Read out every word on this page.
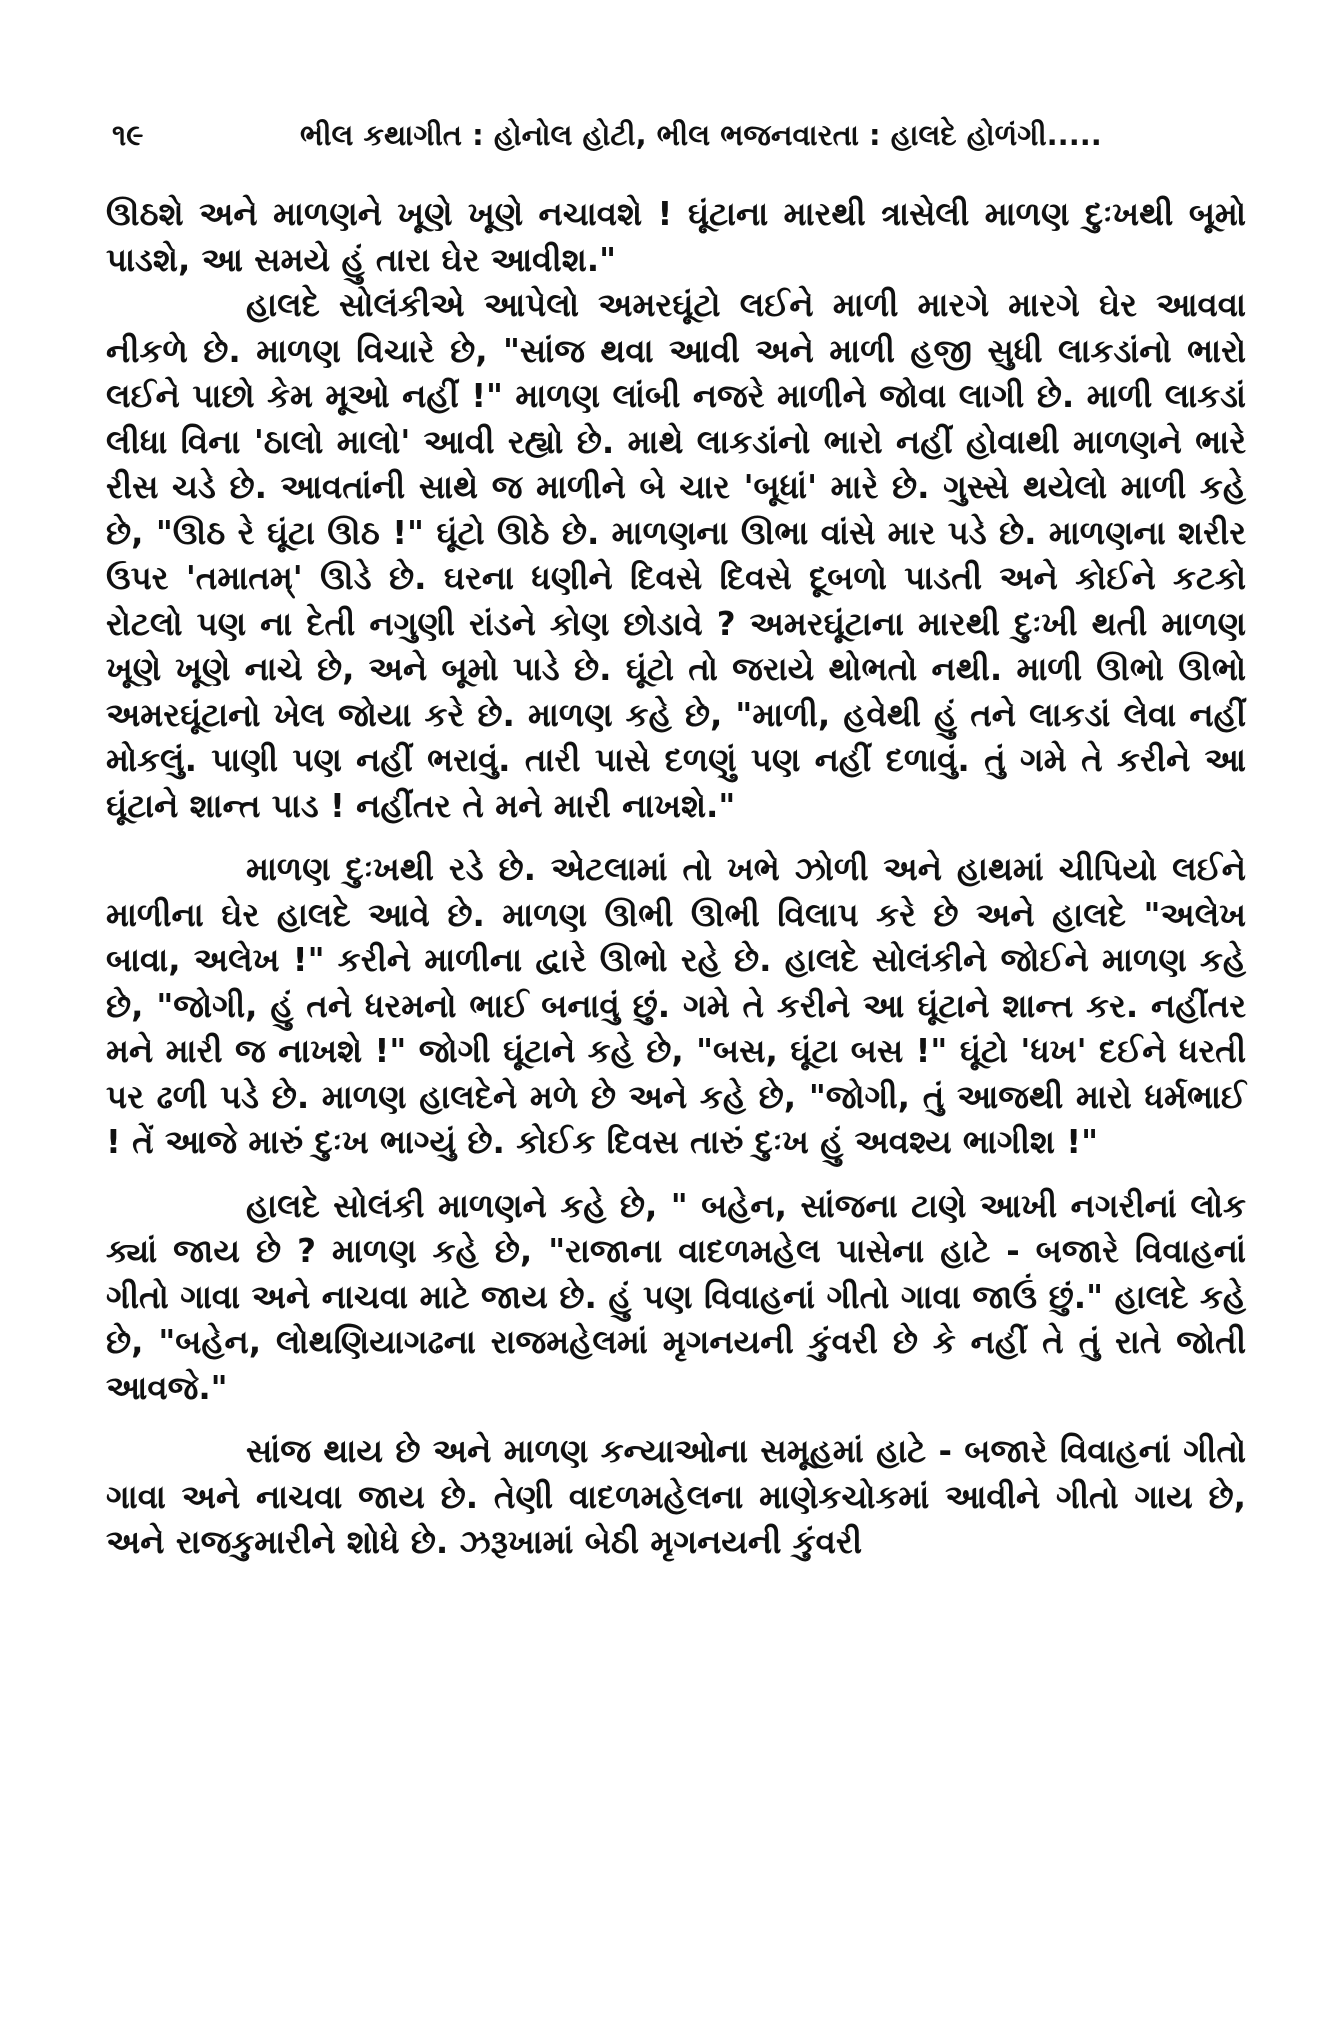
૧૯	ભીલ કથાગીત : હોનોલ હોટી, ભીલ ભજનવારતા : હાલદે હોળંગી.....

ઊઠશે અને માળણને ખૂણે ખૂણે નચાવશે ! ઘૂંટાના મારથી ત્રાસેલી માળણ દુઃખથી બૂમો પાડશે, આ સમયે હું તારા ઘેર આવીશ."

હાલદે સોલંકીએ આપેલો અમરઘૂંટો લઈને માળી મારગે મારગે ઘેર આવવા નીકળે છે. માળણ વિચારે છે, "સાંજ થવા આવી અને માળી હજી સુધી લાકડાંનો ભારો લઈને પાછો કેમ મૂઓ નહીં !" માળણ લાંબી નજરે માળીને જોવા લાગી છે. માળી લાકડાં લીધા વિના 'ઠાલો માલો' આવી રહ્યો છે. માથે લાકડાંનો ભારો નહીં હોવાથી માળણને ભારે રીસ ચડે છે. આવતાંની સાથે જ માળીને બે ચાર 'બૂધાં' મારે છે. ગુસ્સે થયેલો માળી કહે છે, "ઊઠ રે ઘૂંટા ઊઠ !" ઘૂંટો ઊઠે છે. માળણના ઊભા વાંસે માર પડે છે. માળણના શરીર ઉપર 'તમાતમ્' ઊડે છે. ઘરના ધણીને દિવસે દિવસે દૂબળો પાડતી અને કોઈને કટકો રોટલો પણ ના દેતી નગુણી રાંડને કોણ છોડાવે ? અમરઘૂંટાના મારથી દુઃખી થતી માળણ ખૂણે ખૂણે નાચે છે, અને બૂમો પાડે છે. ઘૂંટો તો જરાયે થોભતો નથી. માળી ઊભો ઊભો અમરઘૂંટાનો ખેલ જોયા કરે છે. માળણ કહે છે, "માળી, હવેથી હું તને લાકડાં લેવા નહીં મોકલું. પાણી પણ નહીં ભરાવું. તારી પાસે દળણું પણ નહીં દળાવું. તું ગમે તે કરીને આ ઘૂંટાને શાન્ત પાડ ! નહીંતર તે મને મારી નાખશે."

માળણ દુઃખથી રડે છે. એટલામાં તો ખભે ઝોળી અને હાથમાં ચીપિયો લઈને માળીના ઘેર હાલદે આવે છે. માળણ ઊભી ઊભી વિલાપ કરે છે અને હાલદે "અલેખ બાવા, અલેખ !" કરીને માળીના દ્વારે ઊભો રહે છે. હાલદે સોલંકીને જોઈને માળણ કહે છે, "જોગી, હું તને ધરમનો ભાઈ બનાવું છું. ગમે તે કરીને આ ઘૂંટાને શાન્ત કર. નહીંતર મને મારી જ નાખશે !" જોગી ઘૂંટાને કહે છે, "બસ, ઘૂંટા બસ !" ઘૂંટો 'ધખ' દઈને ધરતી પર ઢળી પડે છે. માળણ હાલદેને મળે છે અને કહે છે, "જોગી, તું આજથી મારો ધર્મભાઈ ! તેં આજે મારું દુઃખ ભાગ્યું છે. કોઈક દિવસ તારું દુઃખ હું અવશ્ય ભાગીશ !"

હાલદે સોલંકી માળણને કહે છે, " બહેન, સાંજના ટાણે આખી નગરીનાં લોક ક્યાં જાય છે ? માળણ કહે છે, "રાજાના વાદળમહેલ પાસેના હાટે - બજારે વિવાહનાં ગીતો ગાવા અને નાચવા માટે જાય છે. હું પણ વિવાહનાં ગીતો ગાવા જાઉં છું." હાલદે કહે છે, "બહેન, લોથણિયાગઢના રાજમહેલમાં મૃગનયની કુંવરી છે કે નહીં તે તું રાતે જોતી આવજે."

સાંજ થાય છે અને માળણ કન્યાઓના સમૂહમાં હાટે - બજારે વિવાહનાં ગીતો ગાવા અને નાચવા જાય છે. તેણી વાદળમહેલના માણેકચોકમાં આવીને ગીતો ગાય છે, અને રાજકુમારીને શોધે છે. ઝરૂખામાં બેઠી મૃગનયની કુંવરી
